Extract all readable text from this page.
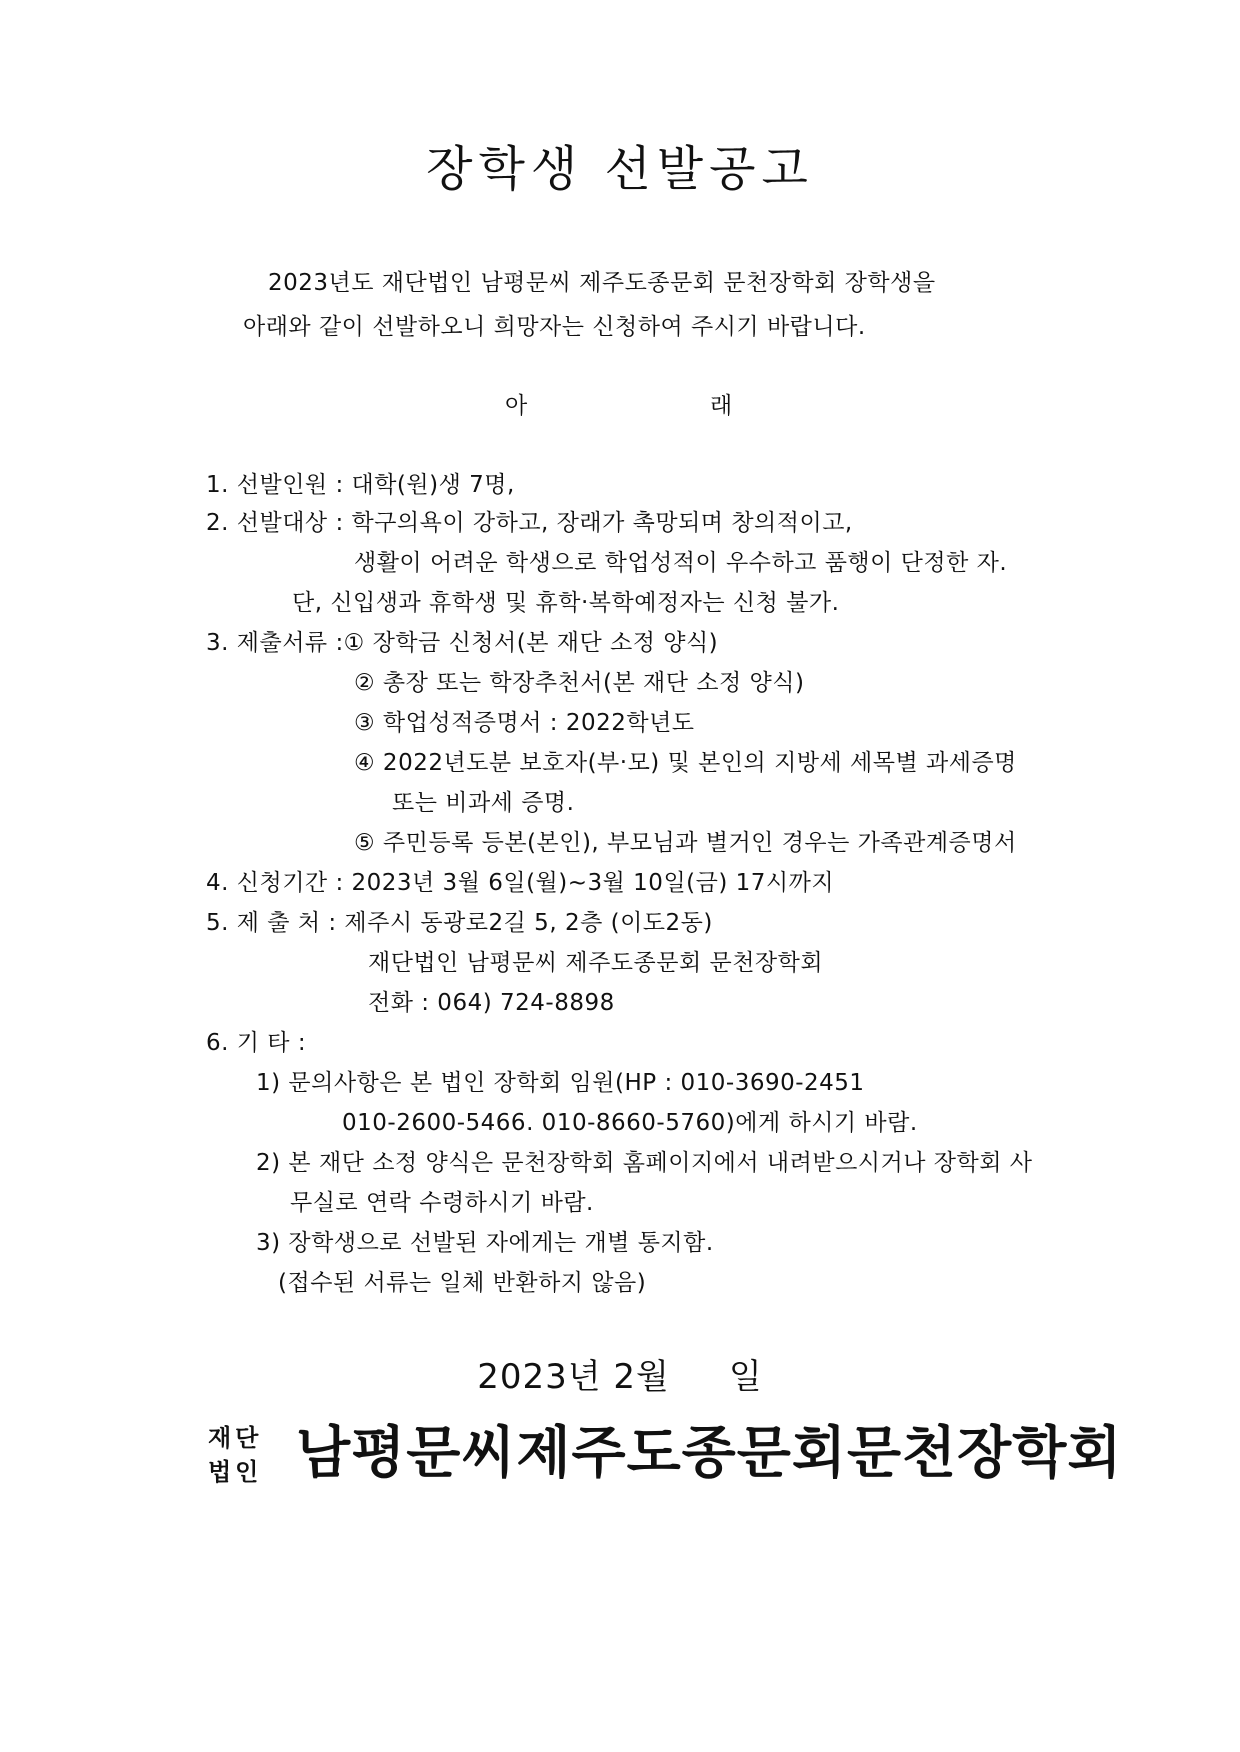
장학생 선발공고
2023년도 재단법인 남평문씨 제주도종문회 문천장학회 장학생을
아래와 같이 선발하오니 희망자는 신청하여 주시기 바랍니다.
아	래
1. 선발인원 : 대학(원)생 7명,
2. 선발대상 : 학구의욕이 강하고, 장래가 촉망되며 창의적이고,
생활이 어려운 학생으로 학업성적이 우수하고 품행이 단정한 자.
단, 신입생과 휴학생 및 휴학‧복학예정자는 신청 불가.
3. 제출서류 :① 장학금 신청서(본 재단 소정 양식)
② 총장 또는 학장추천서(본 재단 소정 양식)
③ 학업성적증명서 : 2022학년도
④ 2022년도분 보호자(부‧모) 및 본인의 지방세 세목별 과세증명
또는 비과세 증명.
⑤ 주민등록 등본(본인), 부모님과 별거인 경우는 가족관계증명서
4. 신청기간 : 2023년 3월 6일(월)~3월 10일(금) 17시까지
5. 제 출 처 : 제주시 동광로2길 5, 2층 (이도2동)
재단법인 남평문씨 제주도종문회 문천장학회
전화 : 064) 724-8898
6. 기 타 :
1) 문의사항은 본 법인 장학회 임원(HP : 010-3690-2451
010-2600-5466. 010-8660-5760)에게 하시기 바람.
2) 본 재단 소정 양식은 문천장학회 홈페이지에서 내려받으시거나 장학회 사
무실로 연락 수령하시기 바람.
3) 장학생으로 선발된 자에게는 개별 통지함.
(접수된 서류는 일체 반환하지 않음)
2023년 2월     일
재단
법인 남평문씨제주도종문회문천장학회
